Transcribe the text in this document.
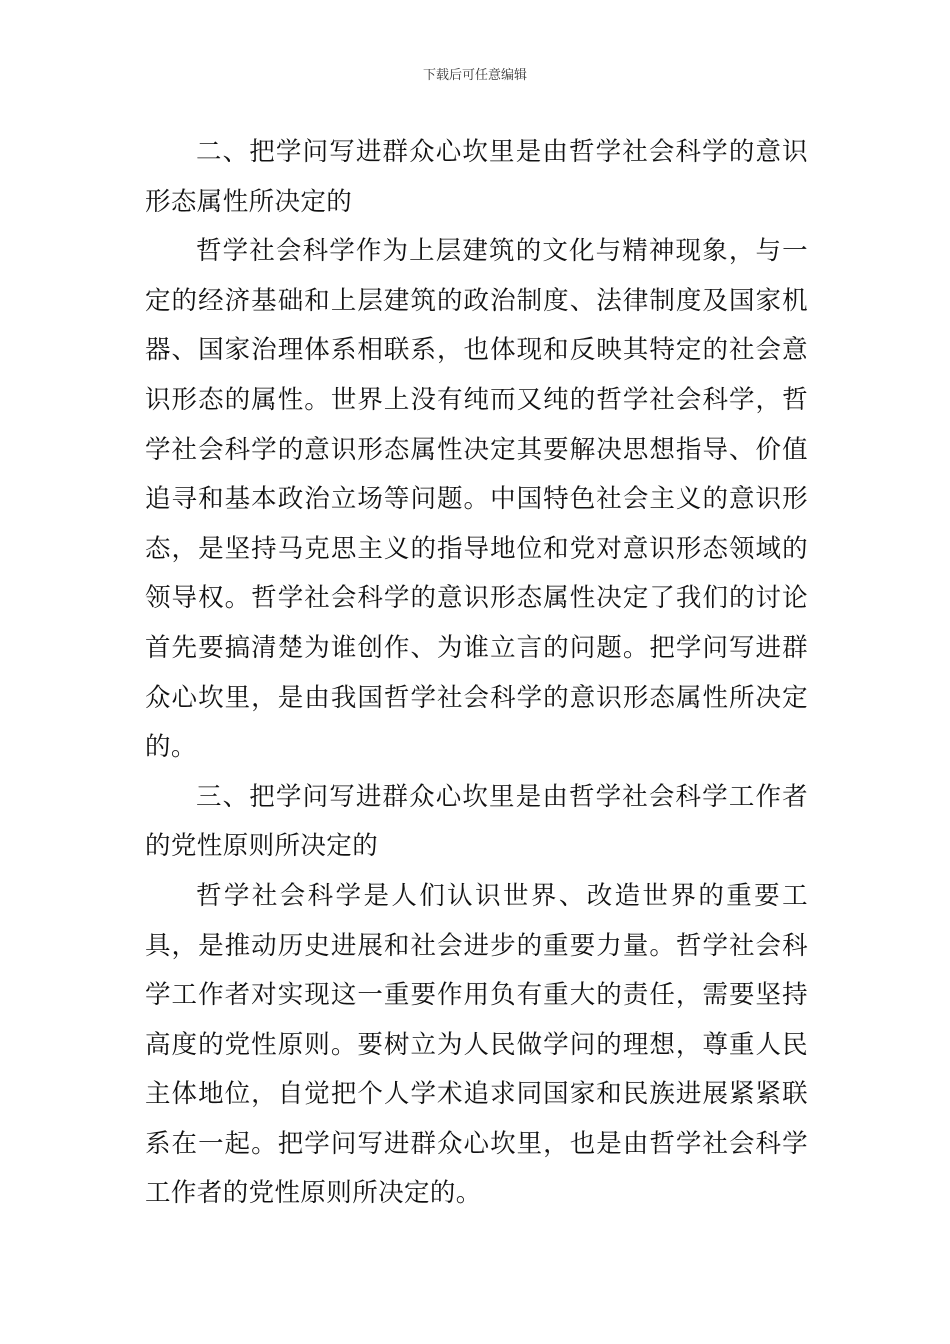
下载后可任意编辑

二、把学问写进群众心坎里是由哲学社会科学的意识形态属性所决定的

哲学社会科学作为上层建筑的文化与精神现象，与一定的经济基础和上层建筑的政治制度、法律制度及国家机器、国家治理体系相联系，也体现和反映其特定的社会意识形态的属性。世界上没有纯而又纯的哲学社会科学，哲学社会科学的意识形态属性决定其要解决思想指导、价值追寻和基本政治立场等问题。中国特色社会主义的意识形态，是坚持马克思主义的指导地位和党对意识形态领域的领导权。哲学社会科学的意识形态属性决定了我们的讨论首先要搞清楚为谁创作、为谁立言的问题。把学问写进群众心坎里，是由我国哲学社会科学的意识形态属性所决定的。

三、把学问写进群众心坎里是由哲学社会科学工作者的党性原则所决定的

哲学社会科学是人们认识世界、改造世界的重要工具，是推动历史进展和社会进步的重要力量。哲学社会科学工作者对实现这一重要作用负有重大的责任，需要坚持高度的党性原则。要树立为人民做学问的理想，尊重人民主体地位，自觉把个人学术追求同国家和民族进展紧紧联系在一起。把学问写进群众心坎里，也是由哲学社会科学工作者的党性原则所决定的。
